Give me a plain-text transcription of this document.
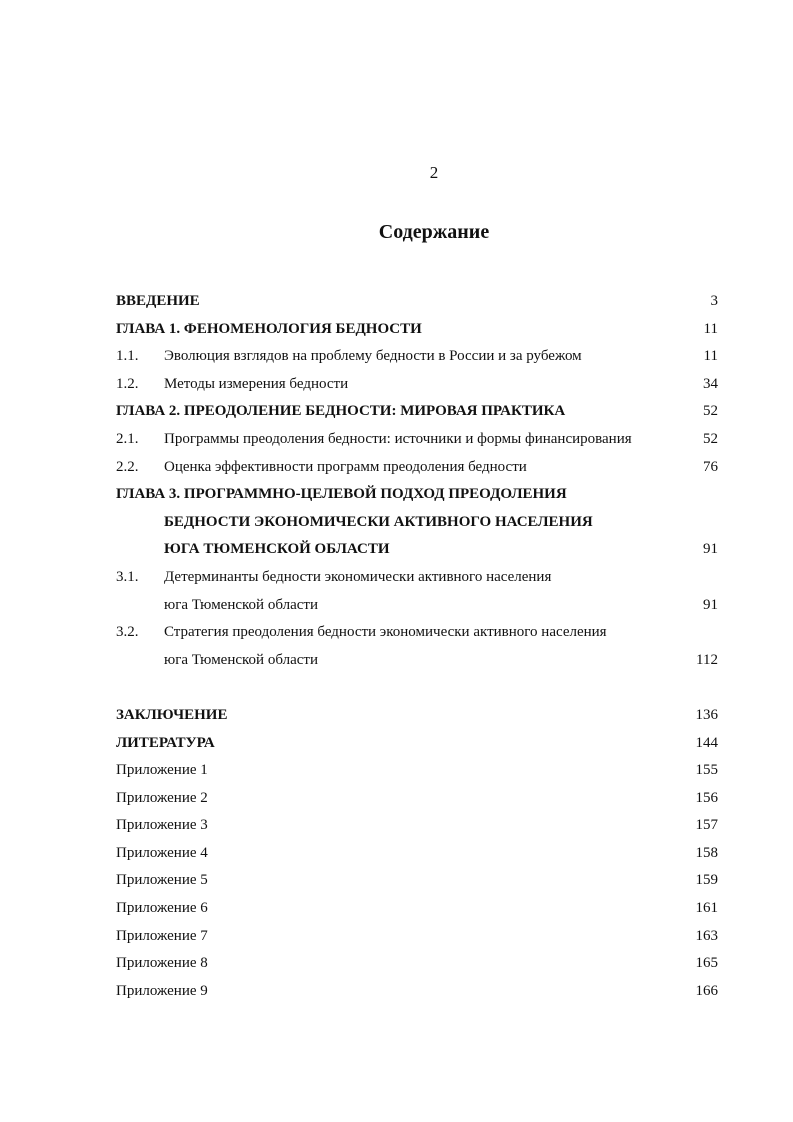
2
Содержание
ВВЕДЕНИЕ	3
ГЛАВА 1. ФЕНОМЕНОЛОГИЯ БЕДНОСТИ	11
1.1. Эволюция взглядов на проблему бедности в России и за рубежом	11
1.2. Методы измерения бедности	34
ГЛАВА 2. ПРЕОДОЛЕНИЕ БЕДНОСТИ: МИРОВАЯ ПРАКТИКА	52
2.1. Программы преодоления бедности: источники и формы финансирования	52
2.2. Оценка эффективности программ преодоления бедности	76
ГЛАВА 3. ПРОГРАММНО-ЦЕЛЕВОЙ ПОДХОД ПРЕОДОЛЕНИЯ
БЕДНОСТИ ЭКОНОМИЧЕСКИ АКТИВНОГО НАСЕЛЕНИЯ
ЮГА ТЮМЕНСКОЙ ОБЛАСТИ	91
3.1. Детерминанты бедности экономически активного населения
юга Тюменской области	91
3.2. Стратегия преодоления бедности экономически активного населения
юга Тюменской области	112
ЗАКЛЮЧЕНИЕ	136
ЛИТЕРАТУРА	144
Приложение 1	155
Приложение 2	156
Приложение 3	157
Приложение 4	158
Приложение 5	159
Приложение 6	161
Приложение 7	163
Приложение 8	165
Приложение 9	166
